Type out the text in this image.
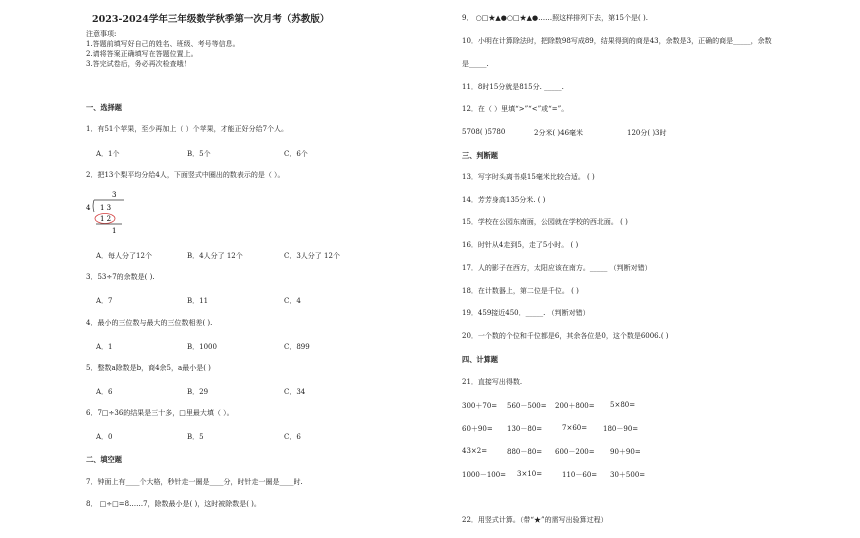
2023-2024学年三年级数学秋季第一次月考（苏教版）
注意事项:
1.答题前填写好自己的姓名、班级、考号等信息。
2.请将答案正确填写在答题位置上。
3.答完试卷后，务必再次检查哦！
一、选择题
1．有51个苹果，至少再加上（ ）个苹果，才能正好分给7个人。
A．1个	B．5个	C．6个
2．把13个梨平均分给4人，下面竖式中圈出的数表示的是（ ）。
3
4 1 3
1 2
1
A．每人分了12个	B．4人分了 12个	C．3人分了 12个
3．53÷7的余数是( ).
A．7	B．11	C．4
4．最小的三位数与最大的三位数相差( ).
A．1	B．1000	C．899
5．整数a除数是b，商4余5，a最小是( )
A．6	B．29	C．34
6．7□÷36的结果是三十多，□里最大填（ ）。
A．0	B．5	C．6
二、填空题
7．钟面上有____个大格，秒针走一圈是____分，时针走一圈是____时.
8． □÷□=8……7，除数最小是( )，这时被除数是( )。
9． ○□★▲●○□★▲●……照这样排列下去，第15个是( ).
10．小明在计算除法时，把除数98写成89，结果得到的商是43，余数是3，正确的商是_____，余数
是_____.
11．8时15分就是815分. _____.
12．在（ ）里填“>”“<”或“=”。
5708( )5780	2分米( )46毫米	120分( )3时
三、判断题
13．写字时头离书桌15毫米比较合适。 ( )
14．芳芳身高135分米. ( )
15．学校在公园东南面，公园就在学校的西北面。 ( )
16．时针从4走到5，走了5小时。 ( )
17．人的影子在西方，太阳应该在南方。_____ （判断对错）
18．在计数器上，第二位是千位。 ( )
19．459接近450．_____. （判断对错）
20．一个数的个位和千位都是6，其余各位是0，这个数是6006.( )
四、计算题
21．直接写出得数.
300＋70= 560－500= 200＋800= 5×80=
60＋90= 130－80=	7×60= 180－90=
43×2=	880－80= 600－200= 90＋90=
1000－100= 3×10=	110－60= 30＋500=
22．用竖式计算。（带“★”的需写出验算过程）
